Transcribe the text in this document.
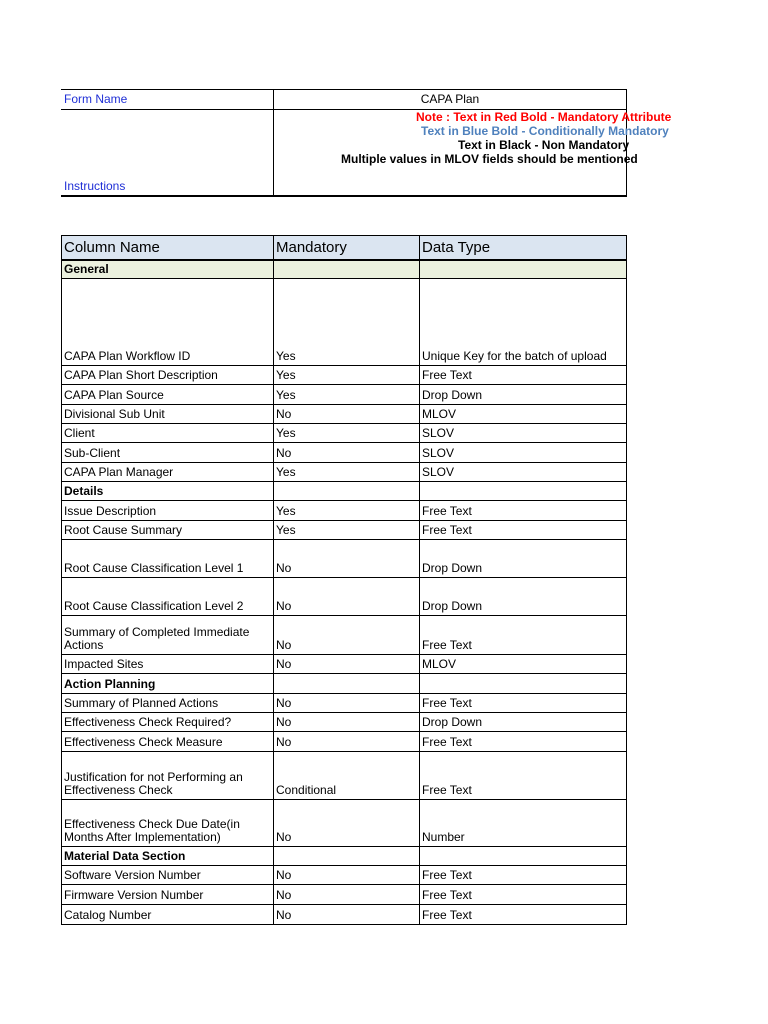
Form Name	CAPA Plan
Instructions
Note : Text in Red Bold - Mandatory Attribute
Text in Blue Bold - Conditionally Mandatory
Text in Black - Non Mandatory
Multiple values in MLOV fields should be mentioned
Column Name	Mandatory	Data Type
General
CAPA Plan Workflow ID	Yes	Unique Key for the batch of upload
CAPA Plan Short Description	Yes	Free Text
CAPA Plan Source	Yes	Drop Down
Divisional Sub Unit	No	MLOV
Client	Yes	SLOV
Sub-Client	No	SLOV
CAPA Plan Manager	Yes	SLOV
Details
Issue Description	Yes	Free Text
Root Cause Summary	Yes	Free Text
Root Cause Classification Level 1	No	Drop Down
Root Cause Classification Level 2	No	Drop Down
Summary of Completed Immediate Actions	No	Free Text
Impacted Sites	No	MLOV
Action Planning
Summary of Planned Actions	No	Free Text
Effectiveness Check Required?	No	Drop Down
Effectiveness Check Measure	No	Free Text
Justification for not Performing an Effectiveness Check	Conditional	Free Text
Effectiveness Check Due Date(in Months After Implementation)	No	Number
Material Data Section
Software Version Number	No	Free Text
Firmware Version Number	No	Free Text
Catalog Number	No	Free Text
